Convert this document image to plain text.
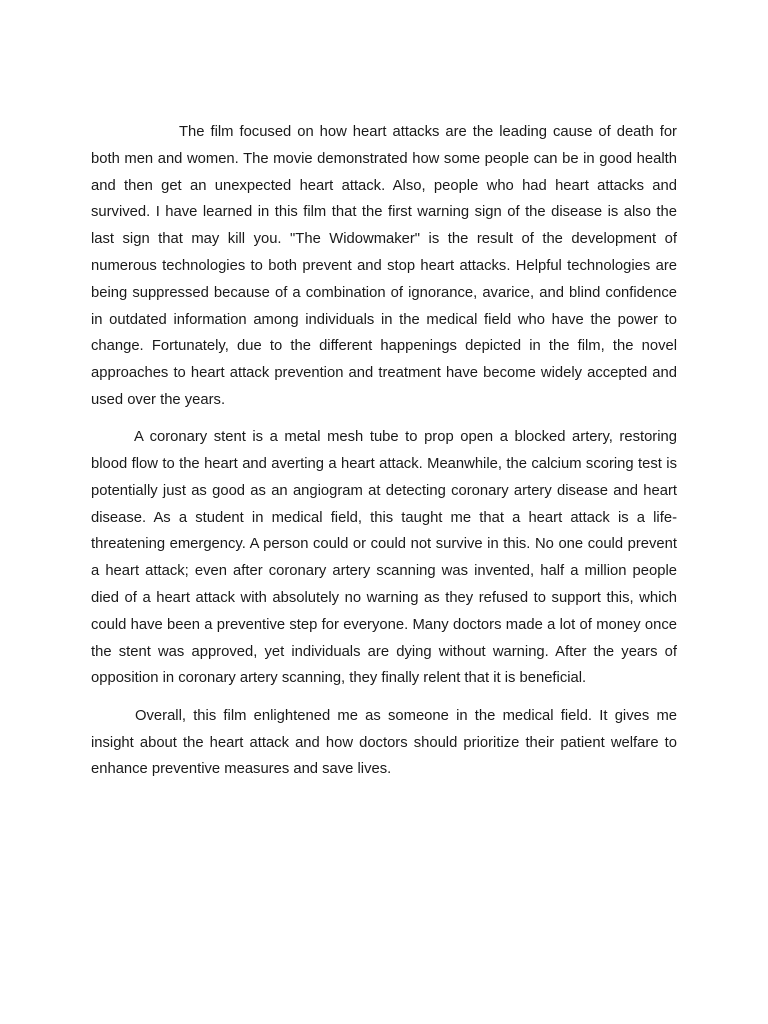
The film focused on how heart attacks are the leading cause of death for both men and women. The movie demonstrated how some people can be in good health and then get an unexpected heart attack. Also, people who had heart attacks and survived. I have learned in this film that the first warning sign of the disease is also the last sign that may kill you. "The Widowmaker" is the result of the development of numerous technologies to both prevent and stop heart attacks. Helpful technologies are being suppressed because of a combination of ignorance, avarice, and blind confidence in outdated information among individuals in the medical field who have the power to change. Fortunately, due to the different happenings depicted in the film, the novel approaches to heart attack prevention and treatment have become widely accepted and used over the years.

A coronary stent is a metal mesh tube to prop open a blocked artery, restoring blood flow to the heart and averting a heart attack. Meanwhile, the calcium scoring test is potentially just as good as an angiogram at detecting coronary artery disease and heart disease. As a student in medical field, this taught me that a heart attack is a life-threatening emergency. A person could or could not survive in this. No one could prevent a heart attack; even after coronary artery scanning was invented, half a million people died of a heart attack with absolutely no warning as they refused to support this, which could have been a preventive step for everyone. Many doctors made a lot of money once the stent was approved, yet individuals are dying without warning. After the years of opposition in coronary artery scanning, they finally relent that it is beneficial.

Overall, this film enlightened me as someone in the medical field. It gives me insight about the heart attack and how doctors should prioritize their patient welfare to enhance preventive measures and save lives.
